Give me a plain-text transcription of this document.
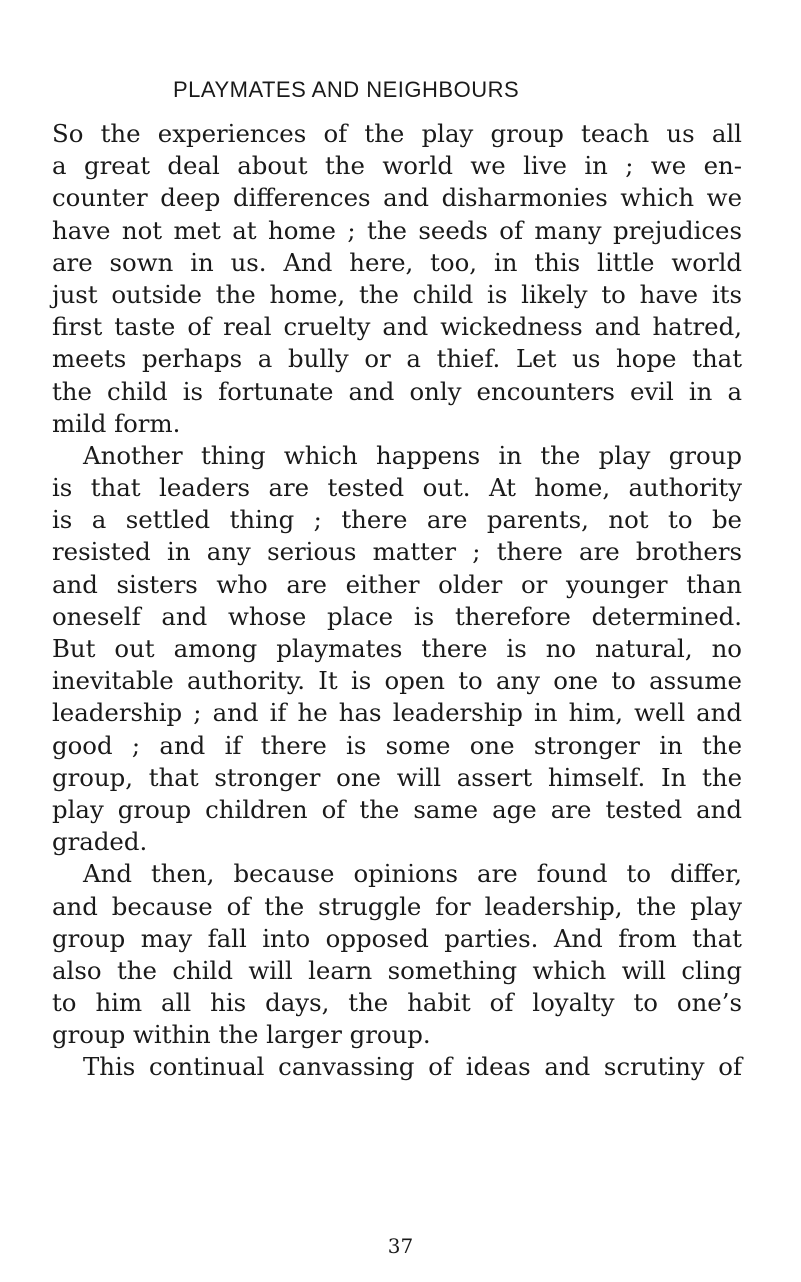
PLAYMATES AND NEIGHBOURS
So the experiences of the play group teach us all
a great deal about the world we live in ; we en-
counter deep differences and disharmonies which we
have not met at home ; the seeds of many prejudices
are sown in us. And here, too, in this little world
just outside the home, the child is likely to have its
first taste of real cruelty and wickedness and hatred,
meets perhaps a bully or a thief. Let us hope that
the child is fortunate and only encounters evil in a
mild form.
Another thing which happens in the play group
is that leaders are tested out. At home, authority
is a settled thing ; there are parents, not to be
resisted in any serious matter ; there are brothers
and sisters who are either older or younger than
oneself and whose place is therefore determined.
But out among playmates there is no natural, no
inevitable authority. It is open to any one to assume
leadership ; and if he has leadership in him, well and
good ; and if there is some one stronger in the
group, that stronger one will assert himself. In the
play group children of the same age are tested and
graded.
And then, because opinions are found to differ,
and because of the struggle for leadership, the play
group may fall into opposed parties. And from that
also the child will learn something which will cling
to him all his days, the habit of loyalty to one’s
group within the larger group.
This continual canvassing of ideas and scrutiny of
37
